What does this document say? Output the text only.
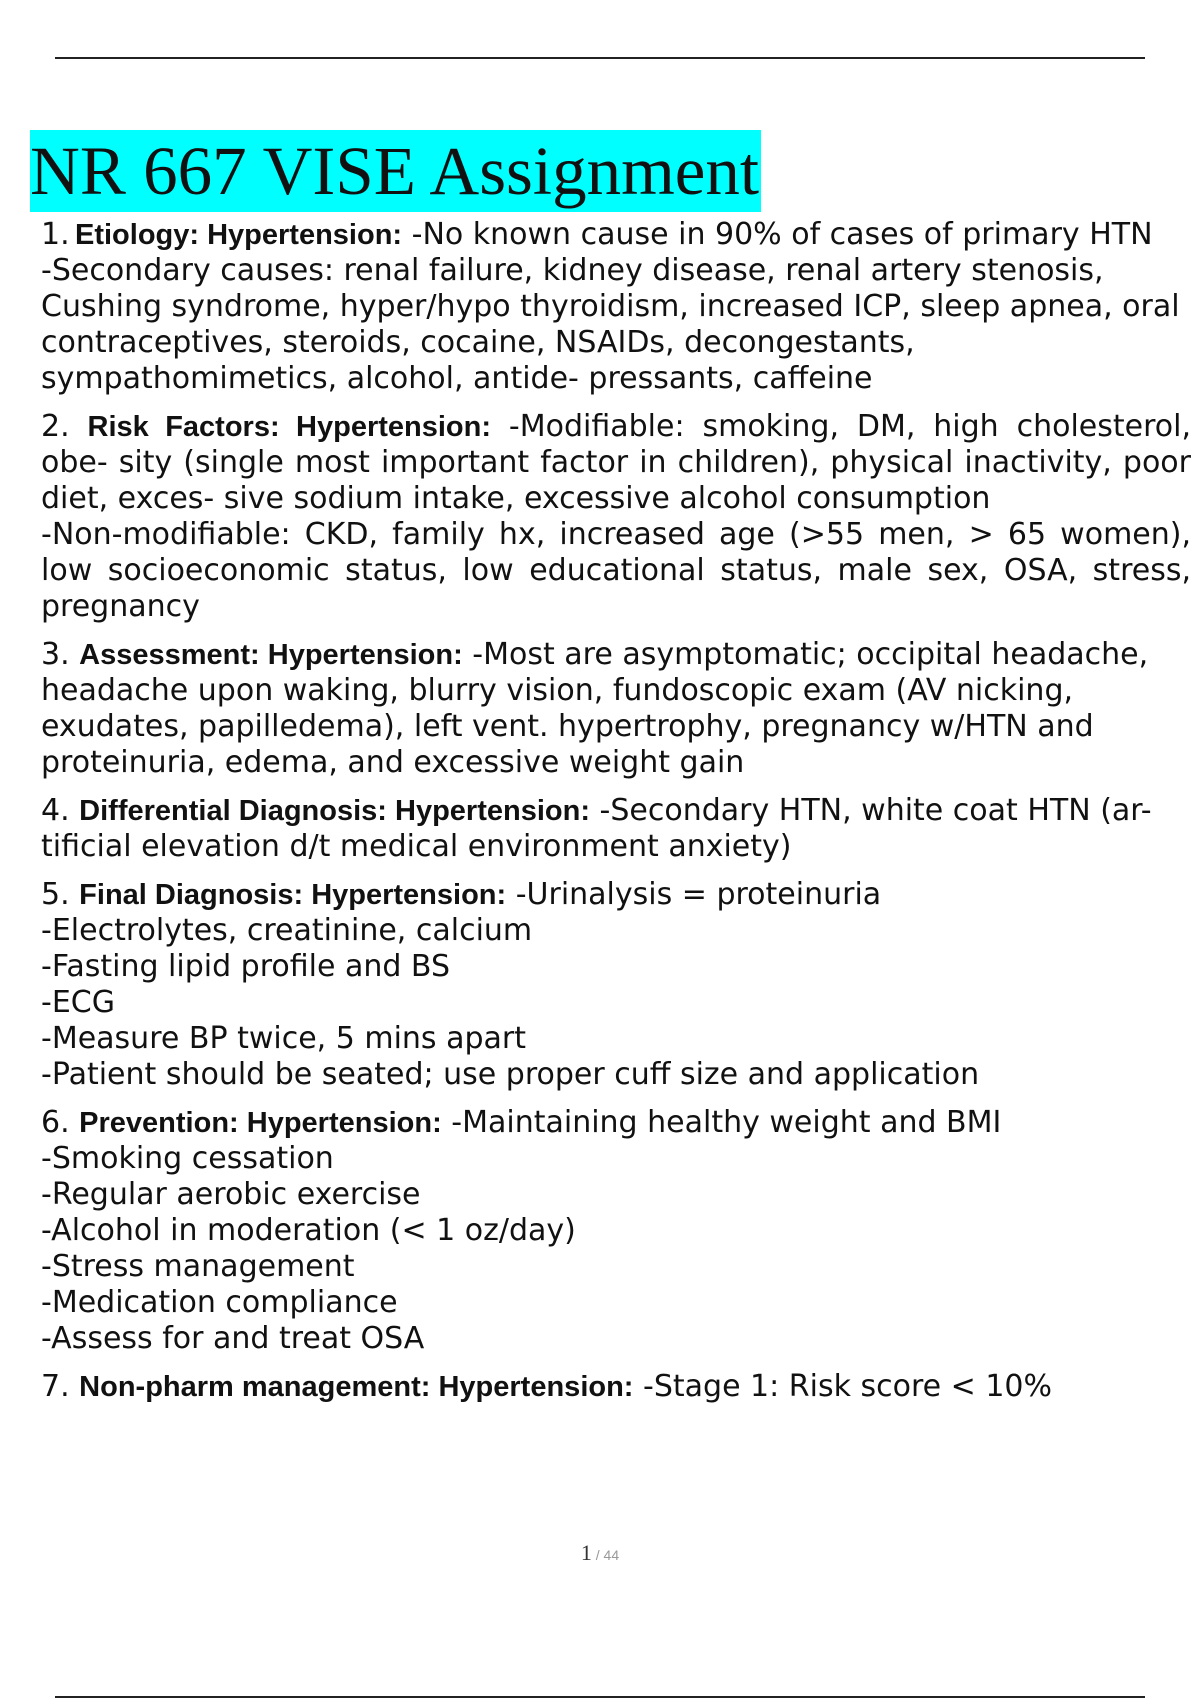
NR 667 VISE Assignment
1. Etiology: Hypertension: -No known cause in 90% of cases of primary HTN
-Secondary causes: renal failure, kidney disease, renal artery stenosis, Cushing syndrome, hyper/hypo thyroidism, increased ICP, sleep apnea, oral contraceptives, steroids, cocaine, NSAIDs, decongestants, sympathomimetics, alcohol, antide- pressants, caffeine
2. Risk Factors: Hypertension: -Modifiable: smoking, DM, high cholesterol, obe- sity (single most important factor in children), physical inactivity, poor diet, exces- sive sodium intake, excessive alcohol consumption
-Non-modifiable: CKD, family hx, increased age (>55 men, > 65 women), low socioeconomic status, low educational status, male sex, OSA, stress, pregnancy
3. Assessment: Hypertension: -Most are asymptomatic; occipital headache, headache upon waking, blurry vision, fundoscopic exam (AV nicking, exudates, papilledema), left vent. hypertrophy, pregnancy w/HTN and proteinuria, edema, and excessive weight gain
4. Differential Diagnosis: Hypertension: -Secondary HTN, white coat HTN (ar- tificial elevation d/t medical environment anxiety)
5. Final Diagnosis: Hypertension: -Urinalysis = proteinuria
-Electrolytes, creatinine, calcium
-Fasting lipid profile and BS
-ECG
-Measure BP twice, 5 mins apart
-Patient should be seated; use proper cuff size and application
6. Prevention: Hypertension: -Maintaining healthy weight and BMI
-Smoking cessation
-Regular aerobic exercise
-Alcohol in moderation (< 1 oz/day)
-Stress management
-Medication compliance
-Assess for and treat OSA
7. Non-pharm management: Hypertension: -Stage 1: Risk score < 10%
1 / 44
